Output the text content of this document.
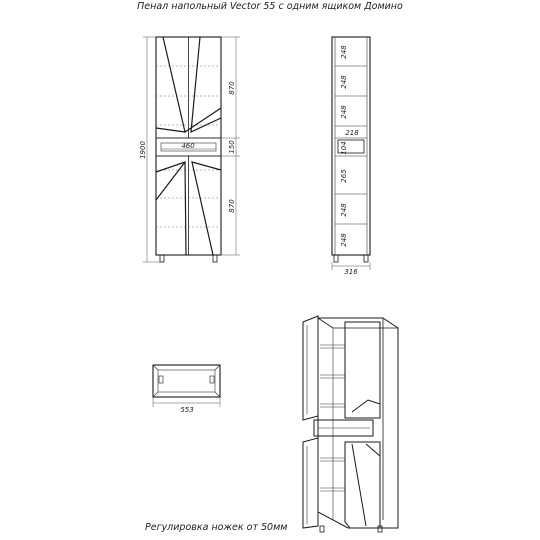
Пенал напольный Vector 55 с одним ящиком Домино
1900
870
150
870
460
248
248
248
218
104
265
248
248
316
553
Регулировка ножек от 50мм
